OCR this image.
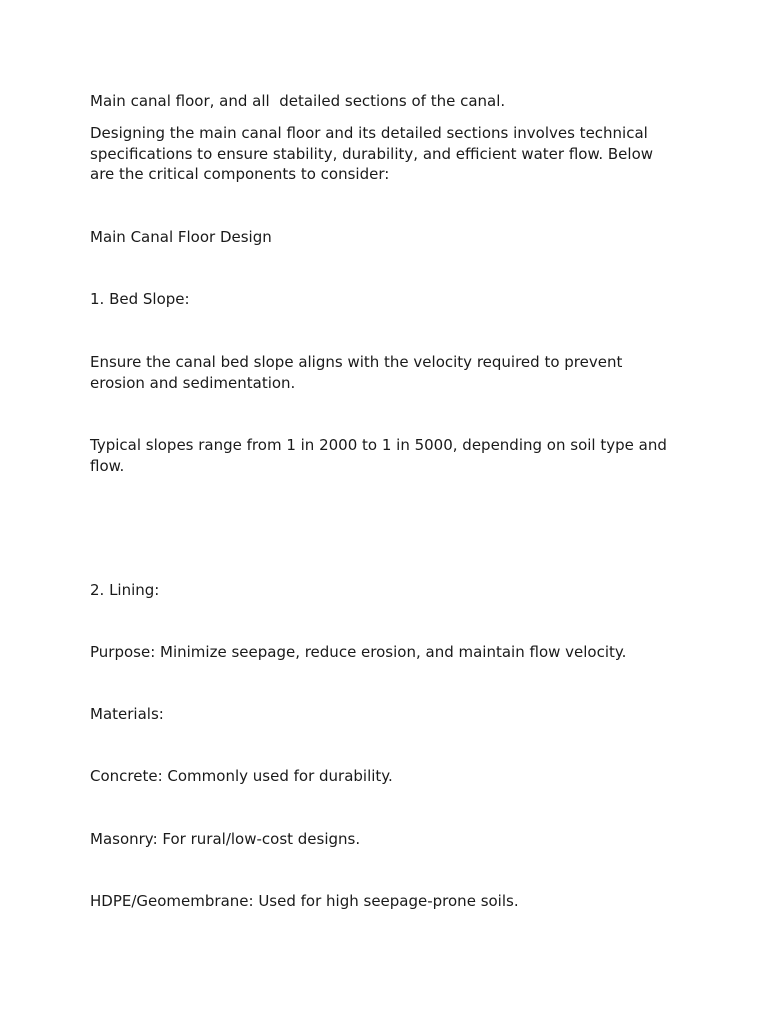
Main canal floor, and all  detailed sections of the canal.

Designing the main canal floor and its detailed sections involves technical specifications to ensure stability, durability, and efficient water flow. Below are the critical components to consider:

Main Canal Floor Design

1. Bed Slope:

Ensure the canal bed slope aligns with the velocity required to prevent erosion and sedimentation.

Typical slopes range from 1 in 2000 to 1 in 5000, depending on soil type and flow.

2. Lining:

Purpose: Minimize seepage, reduce erosion, and maintain flow velocity.

Materials:

Concrete: Commonly used for durability.

Masonry: For rural/low-cost designs.

HDPE/Geomembrane: Used for high seepage-prone soils.
